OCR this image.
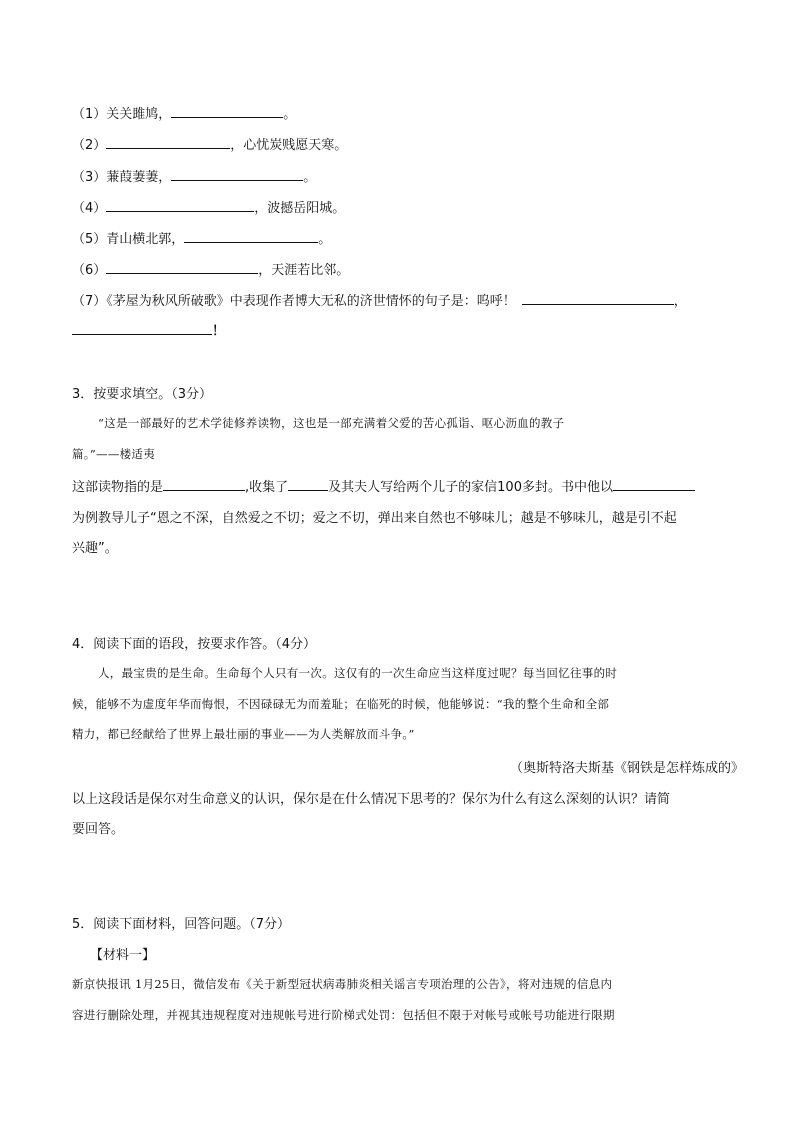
（1）关关雎鸠，	。
（2）	，心忧炭贱愿天寒。
（3）蒹葭萋萋，	。
（4）	，波撼岳阳城。
（5）青山横北郭，	。
（6）	，天涯若比邻。
（7）《茅屋为秋风所破歌》中表现作者博大无私的济世情怀的句子是：呜呼！	，
！
3．按要求填空。（3分）
“这是一部最好的艺术学徒修养读物，这也是一部充满着父爱的苦心孤诣、呕心沥血的教子
篇。”——楼适夷
这部读物指的是	,收集了	及其夫人写给两个儿子的家信100多封。书中他以
为例教导儿子“恩之不深，自然爱之不切；爱之不切，弹出来自然也不够味儿；越是不够味儿，越是引不起
兴趣”。
4．阅读下面的语段，按要求作答。（4分）
人，最宝贵的是生命。生命每个人只有一次。这仅有的一次生命应当这样度过呢？每当回忆往事的时
候，能够不为虚度年华而悔恨，不因碌碌无为而羞耻；在临死的时候，他能够说：“我的整个生命和全部
精力，都已经献给了世界上最壮丽的事业——为人类解放而斗争。”
（奥斯特洛夫斯基《钢铁是怎样炼成的》
以上这段话是保尔对生命意义的认识，保尔是在什么情况下思考的？保尔为什么有这么深刻的认识？请简
要回答。
5．阅读下面材料，回答问题。（7分）
【材料一】
新京快报讯 1月25日，微信发布《关于新型冠状病毒肺炎相关谣言专项治理的公告》，将对违规的信息内
容进行删除处理，并视其违规程度对违规帐号进行阶梯式处罚：包括但不限于对帐号或帐号功能进行限期
